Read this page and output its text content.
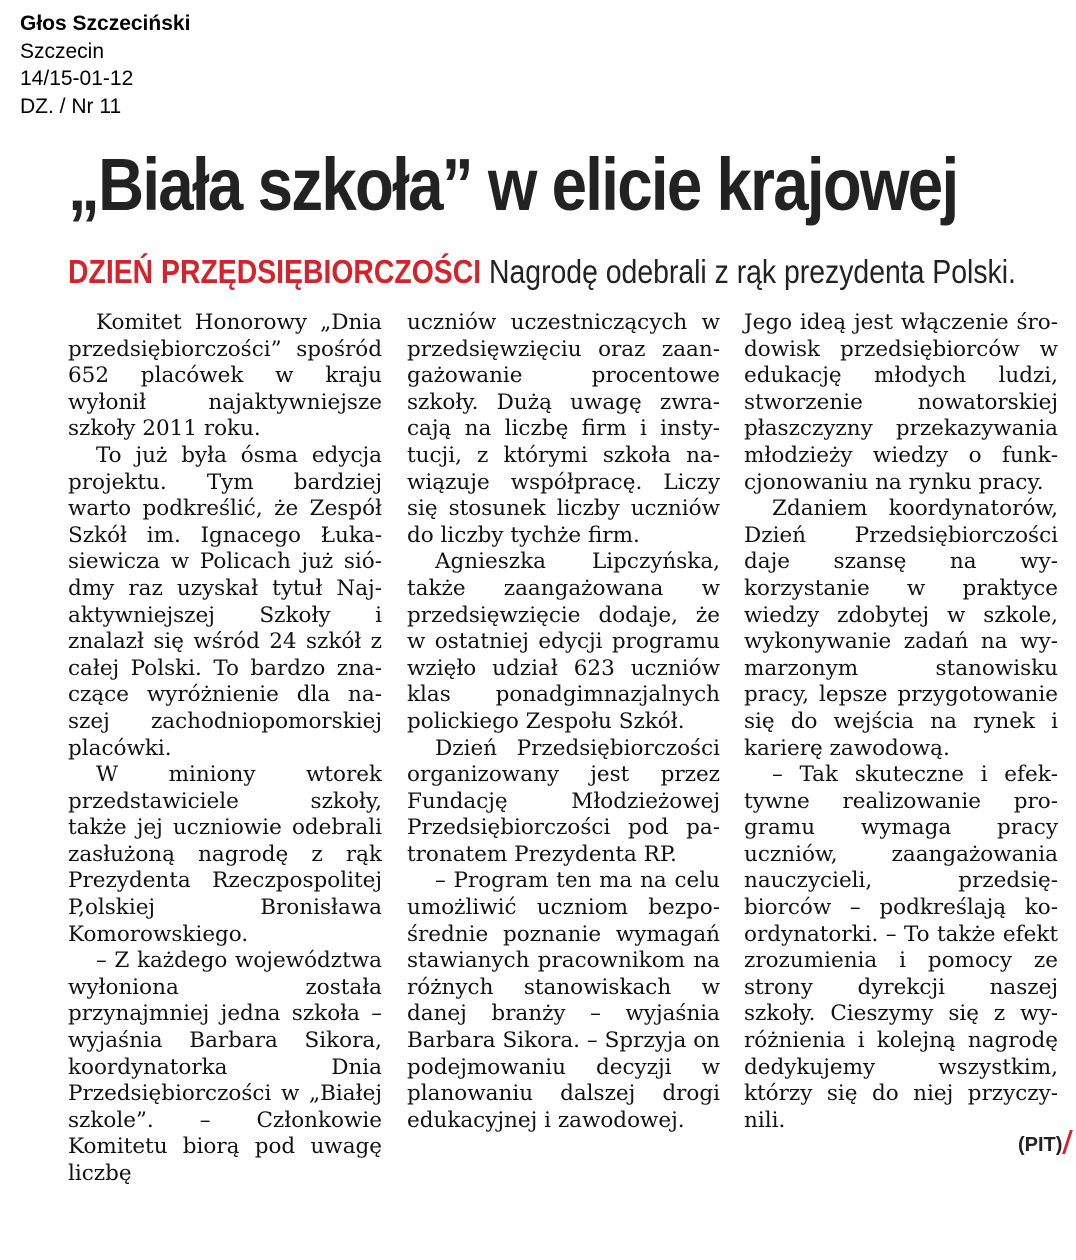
Głos Szczeciński
Szczecin
14/15-01-12
DZ. / Nr 11
„Biała szkoła” w elicie krajowej
DZIEŃ PRZĘDSIĘBIORCZOŚCI Nagrodę odebrali z rąk prezydenta Polski.

Komitet Honorowy „Dnia przedsiębiorczości” spośród 652 placówek w kraju wyłonił najaktywniejsze szkoły 2011 roku.

To już była ósma edycja projektu. Tym bardziej warto podkreślić, że Zespół Szkół im. Ignacego Łukasiewicza w Policach już siódmy raz uzyskał tytuł Najaktywniejszej Szkoły i znalazł się wśród 24 szkół z całej Polski. To bardzo znaczące wyróżnienie dla naszej zachodniopomorskiej placówki.

W miniony wtorek przedstawiciele szkoły, także jej uczniowie odebrali zasłużoną nagrodę z rąk Prezydenta Rzeczpospolitej P,olskiej Bronisława Komorowskiego.

– Z każdego województwa wyłoniona została przynajmniej jedna szkoła – wyjaśnia Barbara Sikora, koordynatorka Dnia Przedsiębiorczości w „Białej szkole”. – Członkowie Komitetu biorą pod uwagę liczbę

uczniów uczestniczących w przedsięwzięciu oraz zaangażowanie procentowe szkoły. Dużą uwagę zwracają na liczbę firm i instytucji, z którymi szkoła nawiązuje współpracę. Liczy się stosunek liczby uczniów do liczby tychże firm.

Agnieszka Lipczyńska, także zaangażowana w przedsięwzięcie dodaje, że w ostatniej edycji programu wzięło udział 623 uczniów klas ponadgimnazjalnych polickiego Zespołu Szkół.

Dzień Przedsiębiorczości organizowany jest przez Fundację Młodzieżowej Przedsiębiorczości pod patronatem Prezydenta RP.

– Program ten ma na celu umożliwić uczniom bezpośrednie poznanie wymagań stawianych pracownikom na różnych stanowiskach w danej branży – wyjaśnia Barbara Sikora. – Sprzyja on podejmowaniu decyzji w planowaniu dalszej drogi edukacyjnej i zawodowej.

Jego ideą jest włączenie środowisk przedsiębiorców w edukację młodych ludzi, stworzenie nowatorskiej płaszczyzny przekazywania młodzieży wiedzy o funkcjonowaniu na rynku pracy.

Zdaniem koordynatorów, Dzień Przedsiębiorczości daje szansę na wykorzystanie w praktyce wiedzy zdobytej w szkole, wykonywanie zadań na wymarzonym stanowisku pracy, lepsze przygotowanie się do wejścia na rynek i karierę zawodową.

– Tak skuteczne i efektywne realizowanie programu wymaga pracy uczniów, zaangażowania nauczycieli, przedsiębiorców – podkreślają koordynatorki. – To także efekt zrozumienia i pomocy ze strony dyrekcji naszej szkoły. Cieszymy się z wyróżnienia i kolejną nagrodę dedykujemy wszystkim, którzy się do niej przyczynili.

(PIT)
